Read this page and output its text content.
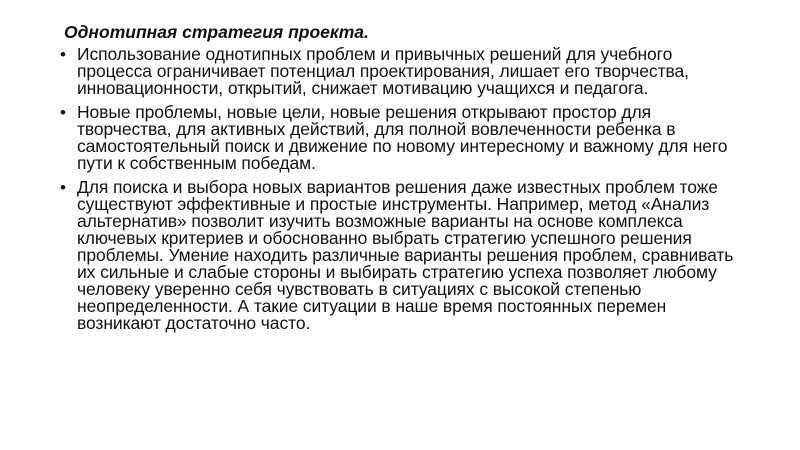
Однотипная стратегия проекта.
• Использование однотипных проблем и привычных решений для учебного процесса ограничивает потенциал проектирования, лишает его творчества, инновационности, открытий, снижает мотивацию учащихся и педагога.
• Новые проблемы, новые цели, новые решения открывают простор для творчества, для активных действий, для полной вовлеченности ребенка в самостоятельный поиск и движение по новому интересному и важному для него пути к собственным победам.
• Для поиска и выбора новых вариантов решения даже известных проблем тоже существуют эффективные и простые инструменты. Например, метод «Анализ альтернатив» позволит изучить возможные варианты на основе комплекса ключевых критериев и обоснованно выбрать стратегию успешного решения проблемы. Умение находить различные варианты решения проблем, сравнивать их сильные и слабые стороны и выбирать стратегию успеха позволяет любому человеку уверенно себя чувствовать в ситуациях с высокой степенью неопределенности. А такие ситуации в наше время постоянных перемен возникают достаточно часто.
